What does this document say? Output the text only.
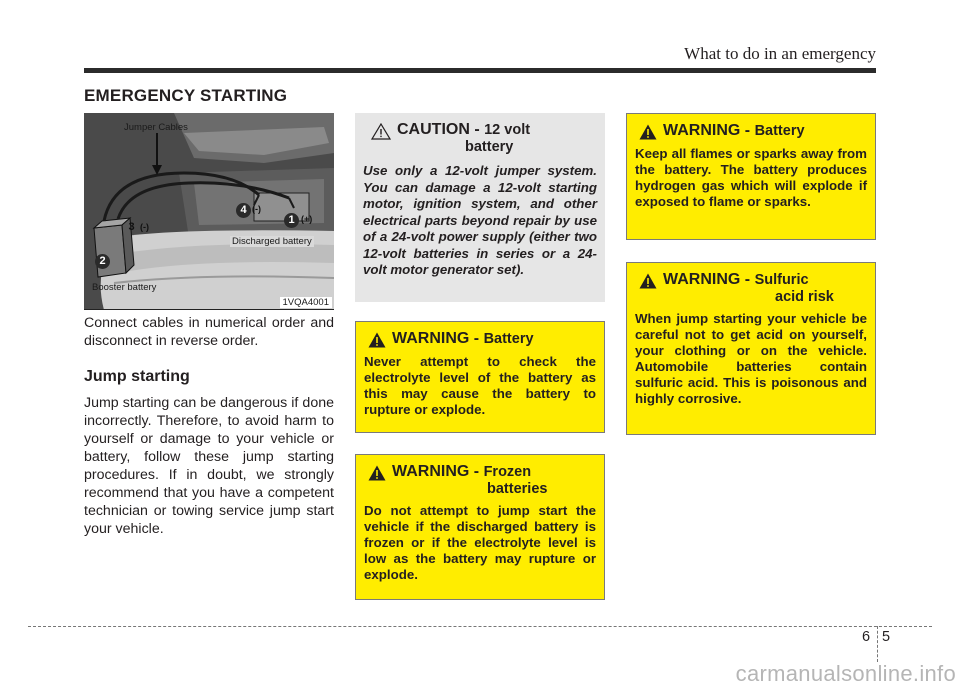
What to do in an emergency
EMERGENCY STARTING
Jumper Cables
Discharged battery
Booster battery
1VQA4001
1 (+)
2
3 (-)
4 (-)
Connect cables in numerical order and disconnect in reverse order.
Jump starting
Jump starting can be dangerous if done incorrectly. Therefore, to avoid harm to yourself or damage to your vehicle or battery, follow these jump starting procedures. If in doubt, we strongly recommend that you have a competent technician or towing service jump start your vehicle.
CAUTION - 12 volt
battery
Use only a 12-volt jumper system. You can damage a 12-volt starting motor, ignition system, and other electrical parts beyond repair by use of a 24-volt power supply (either two 12-volt batteries in series or a 24-volt motor generator set).
WARNING - Battery
Never attempt to check the electrolyte level of the battery as this may cause the battery to rupture or explode.
WARNING - Frozen
batteries
Do not attempt to jump start the vehicle if the discharged battery is frozen or if the electrolyte level is low as the battery may rupture or explode.
WARNING - Battery
Keep all flames or sparks away from the battery. The battery produces hydrogen gas which will explode if exposed to flame or sparks.
WARNING - Sulfuric
acid risk
When jump starting your vehicle be careful not to get acid on yourself, your clothing or on the vehicle. Automobile batteries contain sulfuric acid. This is poisonous and highly corrosive.
6 5
carmanualsonline.info
